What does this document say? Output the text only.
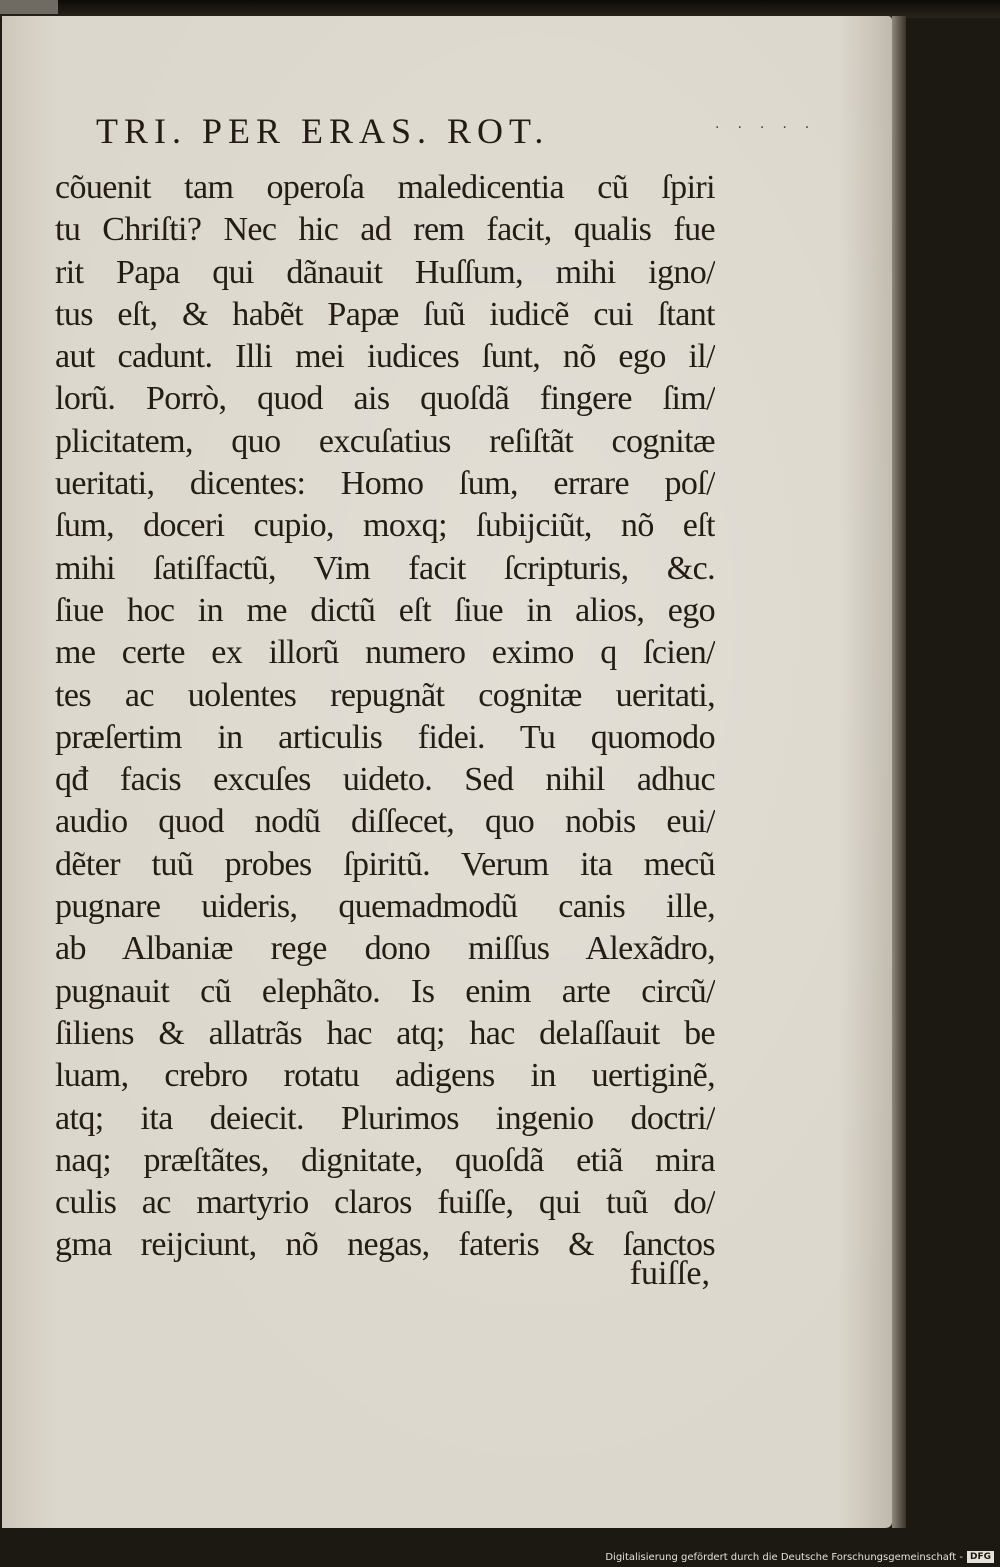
TRI. PER ERAS. ROT.	·····
cõuenit tam operoſa maledicentia cũ ſpiri
tu Chriſti? Nec hic ad rem facit, qualis fue
rit Papa qui dãnauit Huſſum, mihi igno/
tus eſt, & habẽt Papæ ſuũ iudicẽ cui ſtant
aut cadunt. Illi mei iudices ſunt, nõ ego il/
lorũ. Porrò, quod ais quoſdã fingere ſim/
plicitatem, quo excuſatius reſiſtãt cognitæ
ueritati, dicentes: Homo ſum, errare poſ/
ſum, doceri cupio, moxq; ſubijciũt, nõ eſt
mihi ſatiſfactũ, Vim facit ſcripturis, &c.
ſiue hoc in me dictũ eſt ſiue in alios, ego
me certe ex illorũ numero eximo q ſcien/
tes ac uolentes repugnãt cognitæ ueritati,
præſertim in articulis fidei. Tu quomodo
qđ facis excuſes uideto. Sed nihil adhuc
audio quod nodũ diſſecet, quo nobis eui/
dẽter tuũ probes ſpiritũ. Verum ita mecũ
pugnare uideris, quemadmodũ canis ille,
ab Albaniæ rege dono miſſus Alexãdro,
pugnauit cũ elephãto. Is enim arte circũ/
ſiliens & allatrãs hac atq; hac delaſſauit be
luam, crebro rotatu adigens in uertiginẽ,
atq; ita deiecit. Plurimos ingenio doctri/
naq; præſtãtes, dignitate, quoſdã etiã mira
culis ac martyrio claros fuiſſe, qui tuũ do/
gma reijciunt, nõ negas, fateris & ſanctos
fuiſſe,
Digitalisierung gefördert durch die Deutsche Forschungsgemeinschaft - DFG
